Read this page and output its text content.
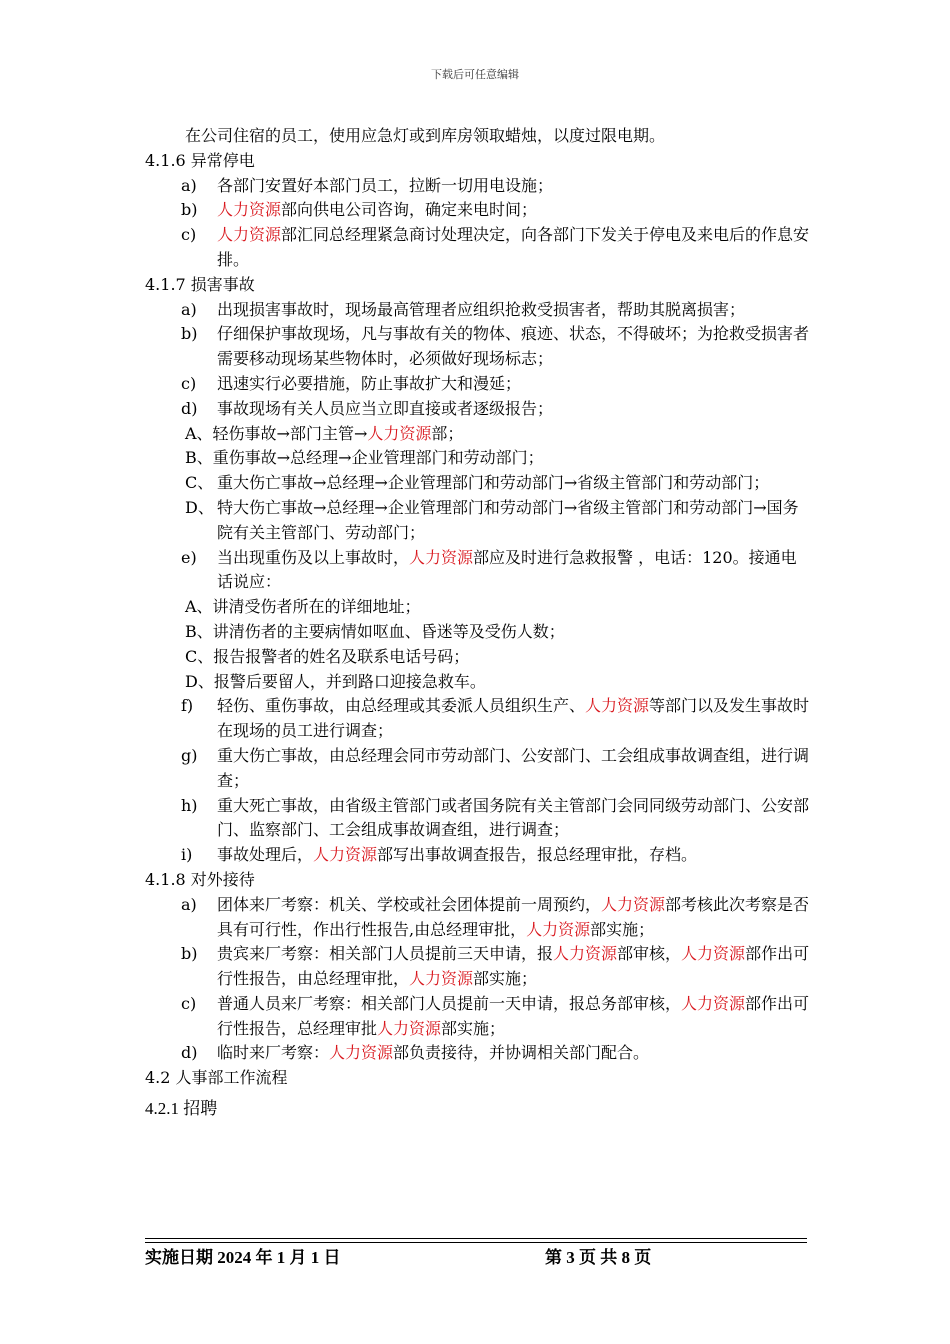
下载后可任意编辑
在公司住宿的员工，使用应急灯或到库房领取蜡烛，以度过限电期。
4.1.6 异常停电
a) 各部门安置好本部门员工，拉断一切用电设施；
b) 人力资源部向供电公司咨询，确定来电时间；
c) 人力资源部汇同总经理紧急商讨处理决定，向各部门下发关于停电及来电后的作息安排。
4.1.7 损害事故
a) 出现损害事故时，现场最高管理者应组织抢救受损害者，帮助其脱离损害；
b) 仔细保护事故现场，凡与事故有关的物体、痕迹、状态，不得破坏；为抢救受损害者需要移动现场某些物体时，必须做好现场标志；
c) 迅速实行必要措施，防止事故扩大和漫延；
d) 事故现场有关人员应当立即直接或者逐级报告；
A、轻伤事故→部门主管→人力资源部；
B、重伤事故→总经理→企业管理部门和劳动部门；
C、 重大伤亡事故→总经理→企业管理部门和劳动部门→省级主管部门和劳动部门；
D、 特大伤亡事故→总经理→企业管理部门和劳动部门→省级主管部门和劳动部门→国务院有关主管部门、劳动部门；
e) 当出现重伤及以上事故时，人力资源部应及时进行急救报警 ，电话：120。接通电话说应：
A、讲清受伤者所在的详细地址；
B、讲清伤者的主要病情如呕血、昏迷等及受伤人数；
C、报告报警者的姓名及联系电话号码；
D、报警后要留人，并到路口迎接急救车。
f) 轻伤、重伤事故，由总经理或其委派人员组织生产、人力资源等部门以及发生事故时在现场的员工进行调查；
g) 重大伤亡事故，由总经理会同市劳动部门、公安部门、工会组成事故调查组，进行调查；
h) 重大死亡事故，由省级主管部门或者国务院有关主管部门会同同级劳动部门、公安部门、监察部门、工会组成事故调查组，进行调查；
i) 事故处理后，人力资源部写出事故调查报告，报总经理审批，存档。
4.1.8 对外接待
a) 团体来厂考察：机关、学校或社会团体提前一周预约，人力资源部考核此次考察是否具有可行性，作出行性报告,由总经理审批，人力资源部实施；
b) 贵宾来厂考察：相关部门人员提前三天申请，报人力资源部审核，人力资源部作出可行性报告，由总经理审批，人力资源部实施；
c) 普通人员来厂考察：相关部门人员提前一天申请，报总务部审核，人力资源部作出可行性报告，总经理审批人力资源部实施；
d) 临时来厂考察：人力资源部负责接待，并协调相关部门配合。
4.2 人事部工作流程
4.2.1 招聘
实施日期 2024 年 1 月 1 日	第 3 页 共 8 页
